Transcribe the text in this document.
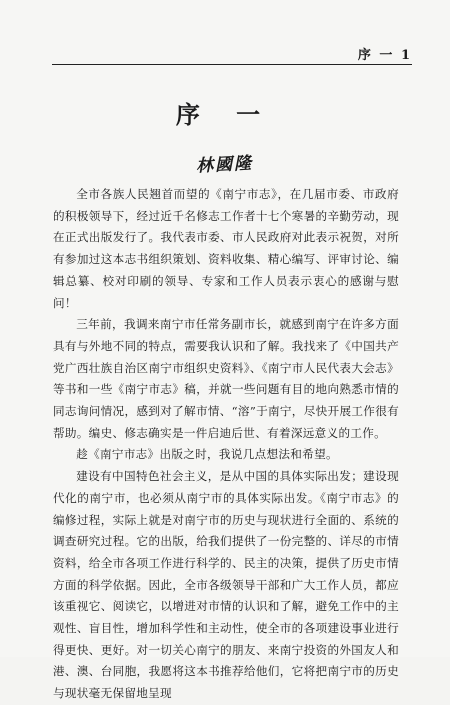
序 一 1
序 一
林國隆

全市各族人民翘首而望的《南宁市志》，在几届市委、市政府的积极领导下，经过近千名修志工作者十七个寒暑的辛勤劳动，现在正式出版发行了。我代表市委、市人民政府对此表示祝贺，对所有参加过这本志书组织策划、资料收集、精心编写、评审讨论、编辑总纂、校对印刷的领导、专家和工作人员表示衷心的感谢与慰问！

三年前，我调来南宁市任常务副市长，就感到南宁在许多方面具有与外地不同的特点，需要我认识和了解。我找来了《中国共产党广西壮族自治区南宁市组织史资料》、《南宁市人民代表大会志》等书和一些《南宁市志》稿，并就一些问题有目的地向熟悉市情的同志询问情况，感到对了解市情、“溶”于南宁，尽快开展工作很有帮助。编史、修志确实是一件启迪后世、有着深远意义的工作。

趁《南宁市志》出版之时，我说几点想法和希望。

建设有中国特色社会主义，是从中国的具体实际出发；建设现代化的南宁市，也必须从南宁市的具体实际出发。《南宁市志》的编修过程，实际上就是对南宁市的历史与现状进行全面的、系统的调查研究过程。它的出版，给我们提供了一份完整的、详尽的市情资料，给全市各项工作进行科学的、民主的决策，提供了历史市情方面的科学依据。因此，全市各级领导干部和广大工作人员，都应该重视它、阅读它，以增进对市情的认识和了解，避免工作中的主观性、盲目性，增加科学性和主动性，使全市的各项建设事业进行得更快、更好。对一切关心南宁的朋友、来南宁投资的外国友人和港、澳、台同胞，我愿将这本书推荐给他们，它将把南宁市的历史与现状毫无保留地呈现
